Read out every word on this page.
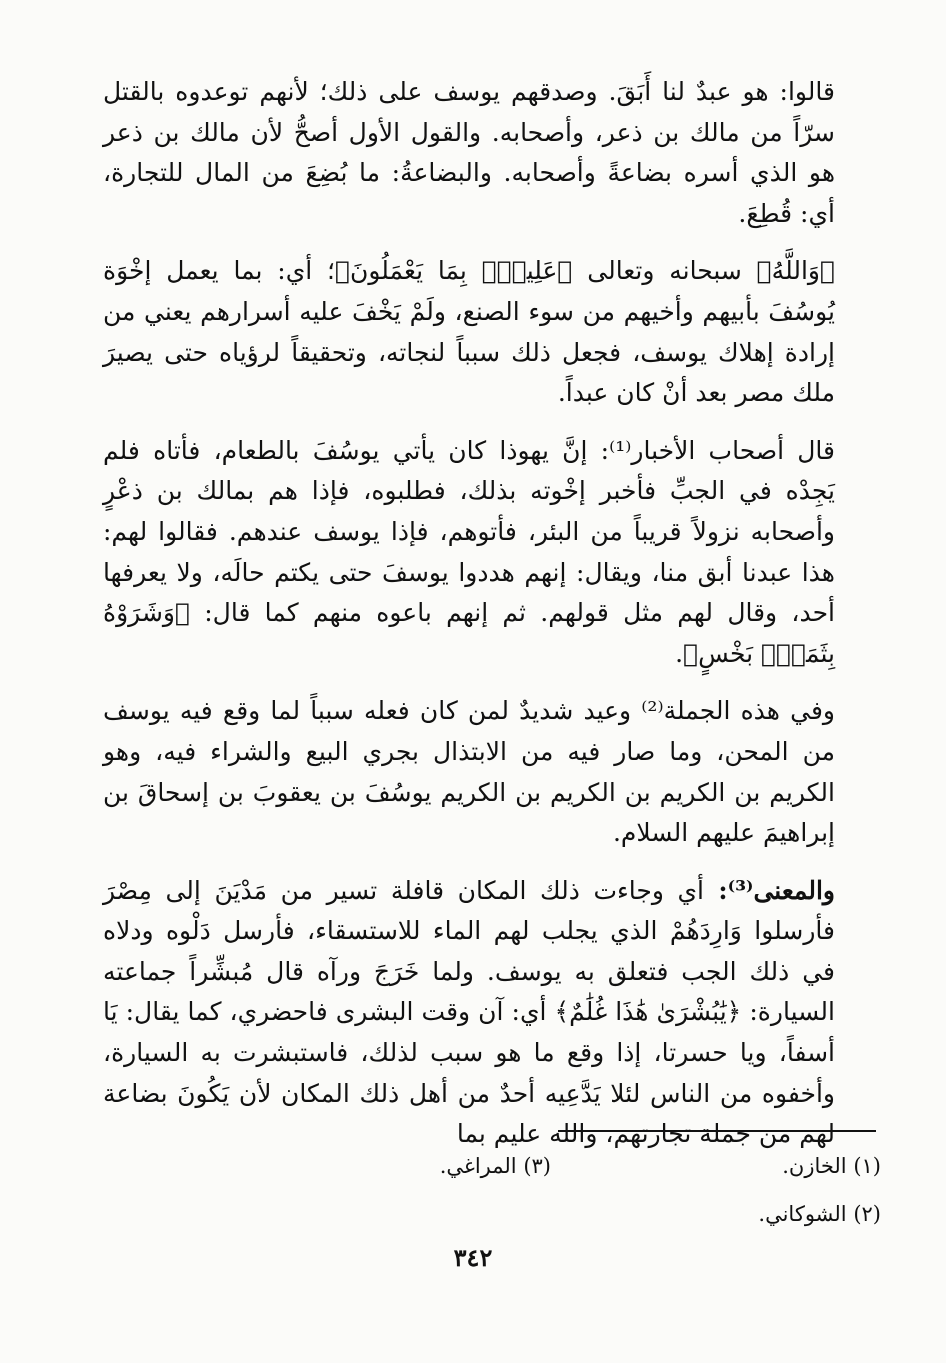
قالوا: هو عبدٌ لنا أَبَقَ. وصدقهم يوسف على ذلك؛ لأنهم توعدوه بالقتل سرّاً من مالك بن ذعر، وأصحابه. والقول الأول أصحُّ لأن مالك بن ذعر هو الذي أسره بضاعةً وأصحابه. والبضاعةُ: ما بُضِعَ من المال للتجارة، أي: قُطِعَ.

﴿وَاللَّهُ﴾ سبحانه وتعالى ﴿عَلِيمٌۢ بِمَا يَعْمَلُونَ﴾؛ أي: بما يعمل إخْوَة يُوسُفَ بأبيهم وأخيهم من سوء الصنع، ولَمْ يَخْفَ عليه أسرارهم يعني من إرادة إهلاك يوسف، فجعل ذلك سبباً لنجاته، وتحقيقاً لرؤياه حتى يصيرَ ملك مصر بعد أنْ كان عبداً.

قال أصحاب الأخبار⁽¹⁾: إنَّ يهوذا كان يأتي يوسُفَ بالطعام، فأتاه فلم يَجِدْه في الجبِّ فأخبر إخْوته بذلك، فطلبوه، فإذا هم بمالك بن ذعْرٍ وأصحابه نزولاً قريباً من البئر، فأتوهم، فإذا يوسف عندهم. فقالوا لهم: هذا عبدنا أبق منا، ويقال: إنهم هددوا يوسفَ حتى يكتم حالَه، ولا يعرفها أحد، وقال لهم مثل قولهم. ثم إنهم باعوه منهم كما قال: ﴿وَشَرَوْهُ بِثَمَنٍۭ بَخْسٍ﴾.

وفي هذه الجملة⁽²⁾ وعيد شديدٌ لمن كان فعله سبباً لما وقع فيه يوسف من المحن، وما صار فيه من الابتذال بجري البيع والشراء فيه، وهو الكريم بن الكريم بن الكريم بن الكريم يوسُفَ بن يعقوبَ بن إسحاقَ بن إبراهيمَ عليهم السلام.

والمعنى⁽³⁾: أي وجاءت ذلك المكان قافلة تسير من مَدْيَنَ إلى مِصْرَ فأرسلوا وَارِدَهُمْ الذي يجلب لهم الماء للاستسقاء، فأرسل دَلْوه ودلاه في ذلك الجب فتعلق به يوسف. ولما خَرَجَ ورآه قال مُبشِّراً جماعته السيارة: ﴿يَٰبُشْرَىٰ هَٰذَا غُلَٰمٌ﴾ أي: آن وقت البشرى فاحضري، كما يقال: يَا أسفاً، ويا حسرتا، إذا وقع ما هو سبب لذلك، فاستبشرت به السيارة، وأخفوه من الناس لئلا يَدَّعِيه أحدٌ من أهل ذلك المكان لأن يَكُونَ بضاعة لهم من جملة تجارتهم، والله عليم بما

(١) الخازن.
(٣) المراغي.
(٢) الشوكاني.
٣٤٢
